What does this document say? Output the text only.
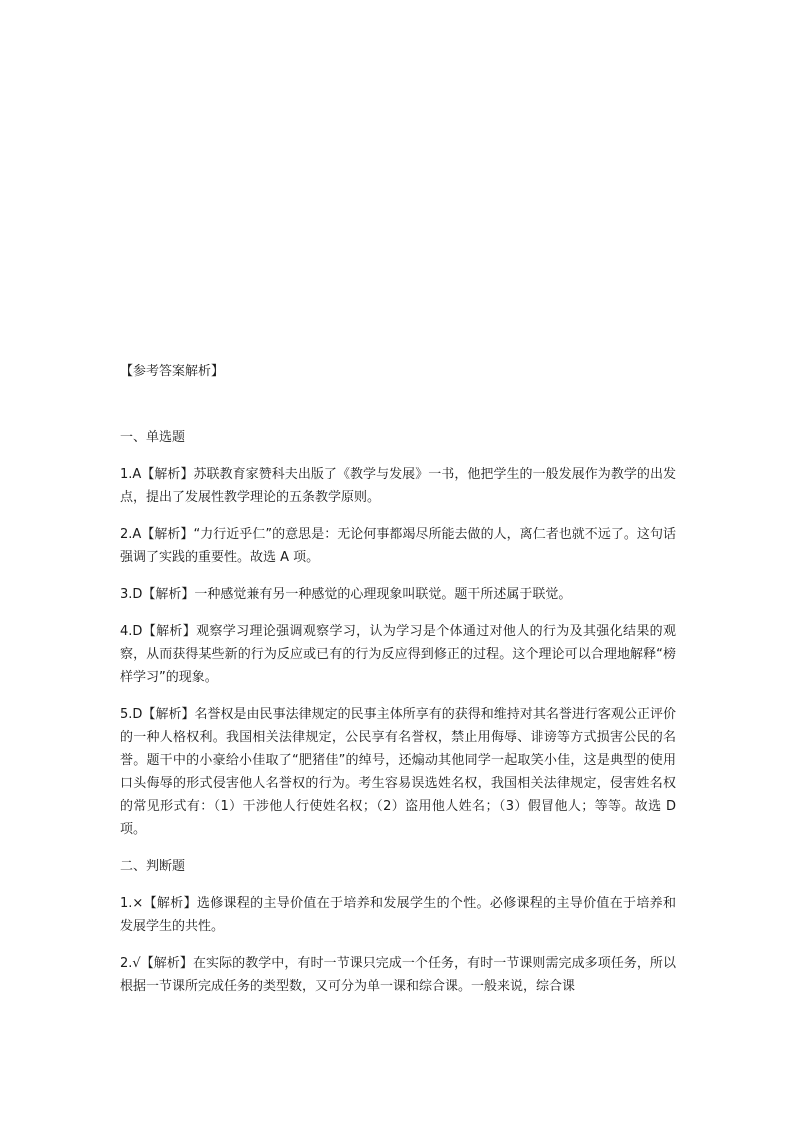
【参考答案解析】

一、单选题

1.A【解析】苏联教育家赞科夫出版了《教学与发展》一书，他把学生的一般发展作为教学的出发点，提出了发展性教学理论的五条教学原则。

2.A【解析】“力行近乎仁”的意思是：无论何事都竭尽所能去做的人，离仁者也就不远了。这句话强调了实践的重要性。故选 A 项。

3.D【解析】一种感觉兼有另一种感觉的心理现象叫联觉。题干所述属于联觉。

4.D【解析】观察学习理论强调观察学习，认为学习是个体通过对他人的行为及其强化结果的观察，从而获得某些新的行为反应或已有的行为反应得到修正的过程。这个理论可以合理地解释“榜样学习”的现象。

5.D【解析】名誉权是由民事法律规定的民事主体所享有的获得和维持对其名誉进行客观公正评价的一种人格权利。我国相关法律规定，公民享有名誉权，禁止用侮辱、诽谤等方式损害公民的名誉。题干中的小豪给小佳取了“肥猪佳”的绰号，还煽动其他同学一起取笑小佳，这是典型的使用口头侮辱的形式侵害他人名誉权的行为。考生容易误选姓名权，我国相关法律规定，侵害姓名权的常见形式有：（1）干涉他人行使姓名权；（2）盗用他人姓名；（3）假冒他人；等等。故选 D 项。

二、判断题

1.×【解析】选修课程的主导价值在于培养和发展学生的个性。必修课程的主导价值在于培养和发展学生的共性。

2.√【解析】在实际的教学中，有时一节课只完成一个任务，有时一节课则需完成多项任务，所以根据一节课所完成任务的类型数，又可分为单一课和综合课。一般来说，综合课
